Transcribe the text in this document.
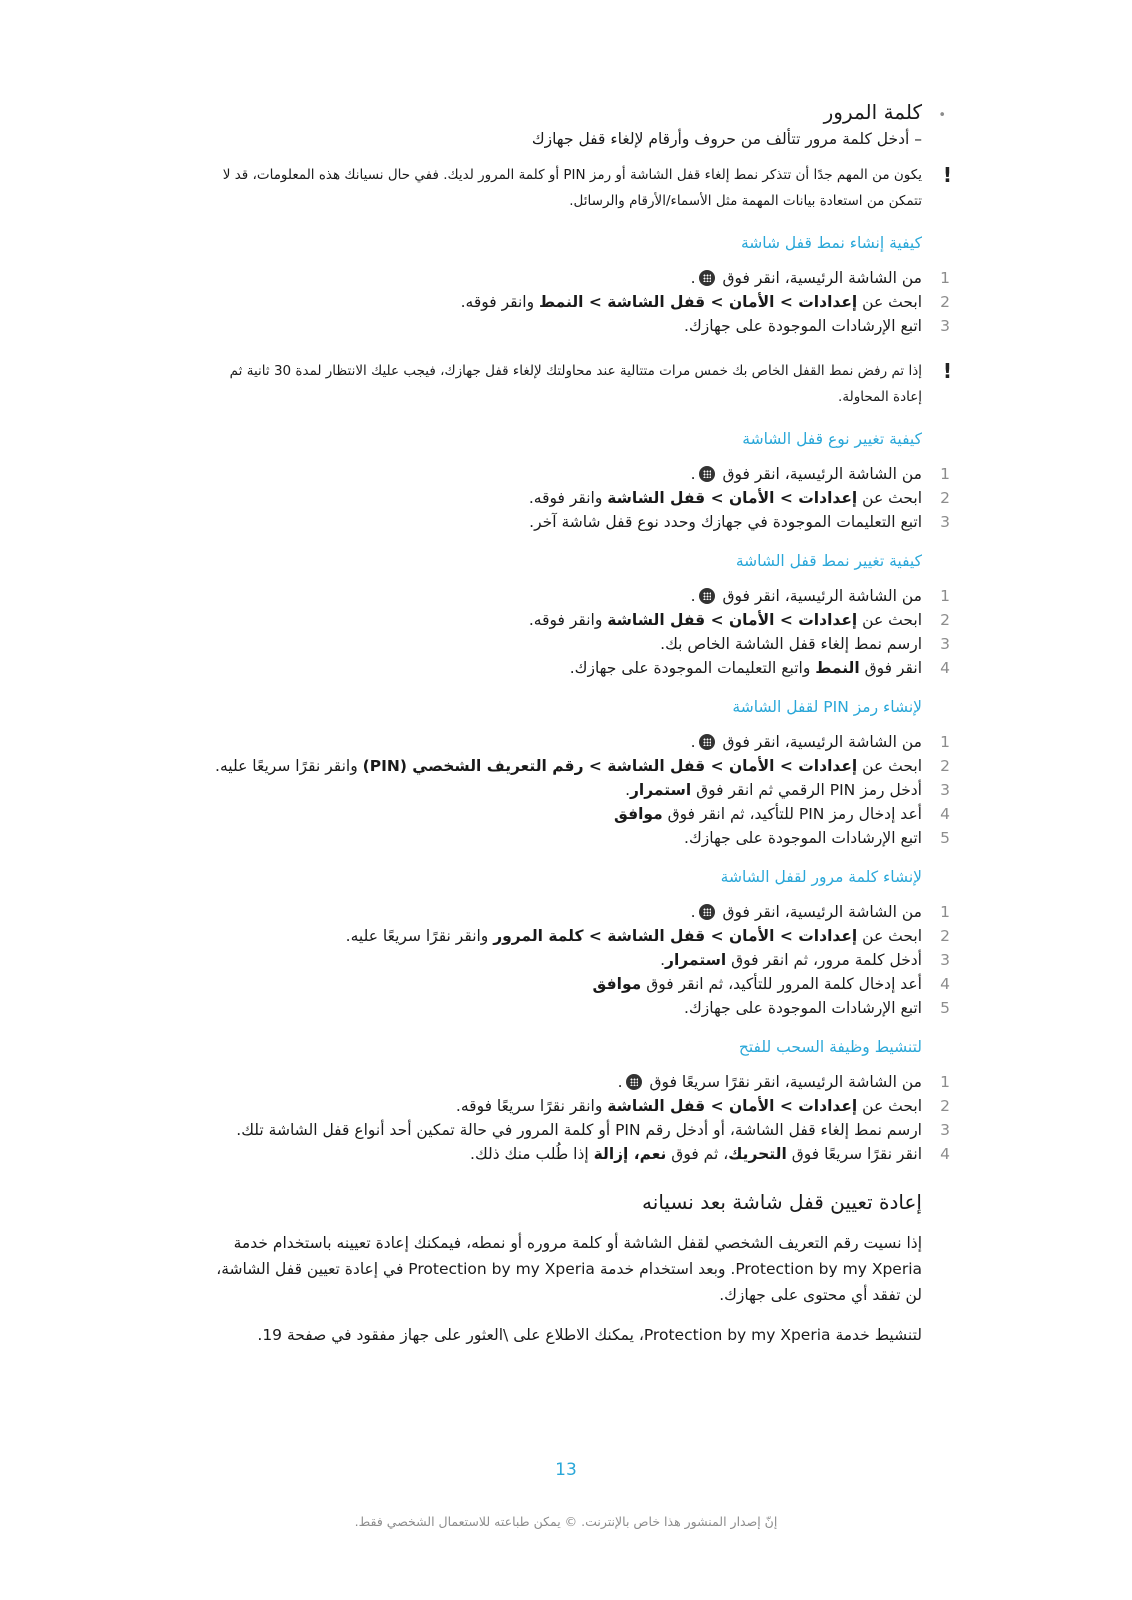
•
كلمة المرور
– أدخل كلمة مرور تتألف من حروف وأرقام لإلغاء قفل جهازك
!
يكون من المهم جدًا أن تتذكر نمط إلغاء قفل الشاشة أو رمز PIN أو كلمة المرور لديك. ففي حال نسيانك هذه المعلومات، قد لا تتمكن من استعادة بيانات المهمة مثل الأسماء/الأرقام والرسائل.
كيفية إنشاء نمط قفل شاشة
1
من الشاشة الرئيسية، انقر فوق .
2
ابحث عن إعدادات > الأمان > قفل الشاشة > النمط وانقر فوقه.
3
اتبع الإرشادات الموجودة على جهازك.
!
إذا تم رفض نمط القفل الخاص بك خمس مرات متتالية عند محاولتك لإلغاء قفل جهازك، فيجب عليك الانتظار لمدة 30 ثانية ثم إعادة المحاولة.
كيفية تغيير نوع قفل الشاشة
1
من الشاشة الرئيسية، انقر فوق .
2
ابحث عن إعدادات > الأمان > قفل الشاشة وانقر فوقه.
3
اتبع التعليمات الموجودة في جهازك وحدد نوع قفل شاشة آخر.
كيفية تغيير نمط قفل الشاشة
1
من الشاشة الرئيسية، انقر فوق .
2
ابحث عن إعدادات > الأمان > قفل الشاشة وانقر فوقه.
3
ارسم نمط إلغاء قفل الشاشة الخاص بك.
4
انقر فوق النمط واتبع التعليمات الموجودة على جهازك.
لإنشاء رمز PIN لقفل الشاشة
1
من الشاشة الرئيسية، انقر فوق .
2
ابحث عن إعدادات > الأمان > قفل الشاشة > رقم التعريف الشخصي (PIN) وانقر نقرًا سريعًا عليه.
3
أدخل رمز PIN الرقمي ثم انقر فوق استمرار.
4
أعد إدخال رمز PIN للتأكيد، ثم انقر فوق موافق
5
اتبع الإرشادات الموجودة على جهازك.
لإنشاء كلمة مرور لقفل الشاشة
1
من الشاشة الرئيسية، انقر فوق .
2
ابحث عن إعدادات > الأمان > قفل الشاشة > كلمة المرور وانقر نقرًا سريعًا عليه.
3
أدخل كلمة مرور، ثم انقر فوق استمرار.
4
أعد إدخال كلمة المرور للتأكيد، ثم انقر فوق موافق
5
اتبع الإرشادات الموجودة على جهازك.
لتنشيط وظيفة السحب للفتح
1
من الشاشة الرئيسية، انقر نقرًا سريعًا فوق .
2
ابحث عن إعدادات > الأمان > قفل الشاشة وانقر نقرًا سريعًا فوقه.
3
ارسم نمط إلغاء قفل الشاشة، أو أدخل رقم PIN أو كلمة المرور في حالة تمكين أحد أنواع قفل الشاشة تلك.
4
انقر نقرًا سريعًا فوق التحريك، ثم فوق نعم، إزالة إذا طُلب منك ذلك.
إعادة تعيين قفل شاشة بعد نسيانه
إذا نسيت رقم التعريف الشخصي لقفل الشاشة أو كلمة مروره أو نمطه، فيمكنك إعادة تعيينه باستخدام خدمة Protection by my Xperia. وبعد استخدام خدمة Protection by my Xperia في إعادة تعيين قفل الشاشة، لن تفقد أي محتوى على جهازك.
لتنشيط خدمة Protection by my Xperia، يمكنك الاطلاع على \العثور على جهاز مفقود في صفحة 19.
13
إنّ إصدار المنشور هذا خاص بالإنترنت. © يمكن طباعته للاستعمال الشخصي فقط.
